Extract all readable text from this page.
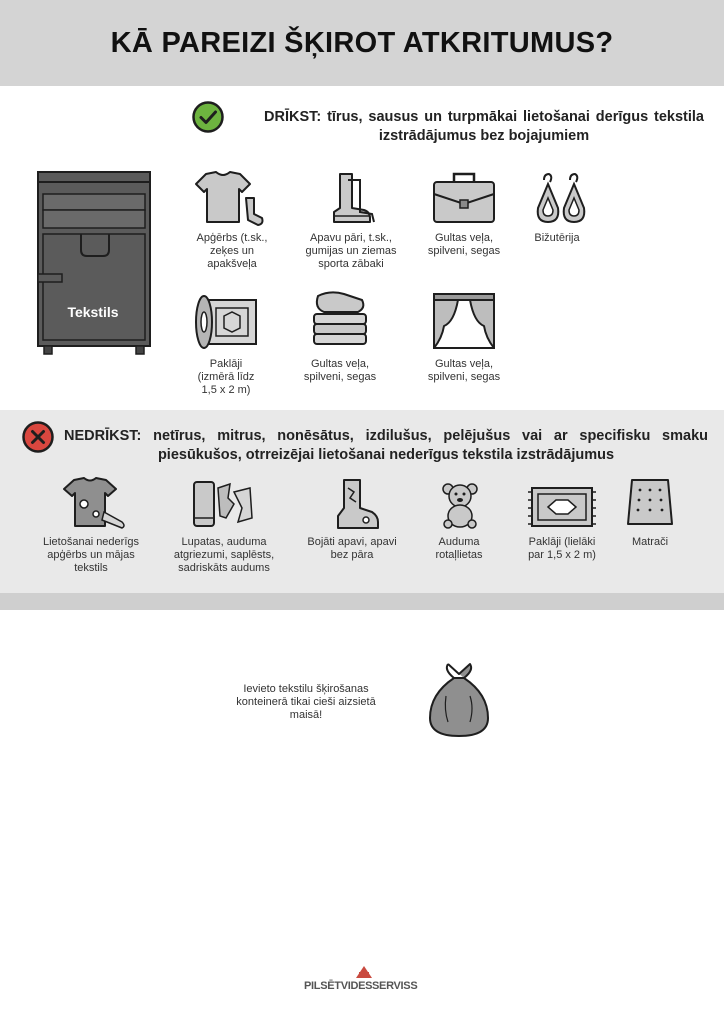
KĀ PAREIZI ŠĶIROT ATKRITUMUS?
DRĪKST: tīrus, sausus un turpmākai lietošanai derīgus tekstila izstrādājumus bez bojajumiem
Tekstils
Apģērbs (t.sk., zeķes un apakšveļa
Apavu pāri, t.sk., gumijas un ziemas sporta zābaki
Gultas veļa, spilveni, segas
Bižutērija
Paklāji (izmērā līdz 1,5 x 2 m)
Gultas veļa, spilveni, segas
Gultas veļa, spilveni, segas
NEDRĪKST: netīrus, mitrus, nonēsātus, izdilušus, pelējušus vai ar specifisku smaku piesūkušos, otrreizējai lietošanai nederīgus tekstila izstrādājumus
Lietošanai nederīgs apģērbs un mājas tekstils
Lupatas, auduma atgriezumi, saplēsts, sadriskāts audums
Bojāti apavi, apavi bez pāra
Auduma rotaļlietas
Paklāji (lielāki par 1,5 x 2 m)
Matrači
Ievieto tekstilu šķirošanas konteinerā tikai cieši aizsietā maisā!
PILSĒTVIDES SERVISS
